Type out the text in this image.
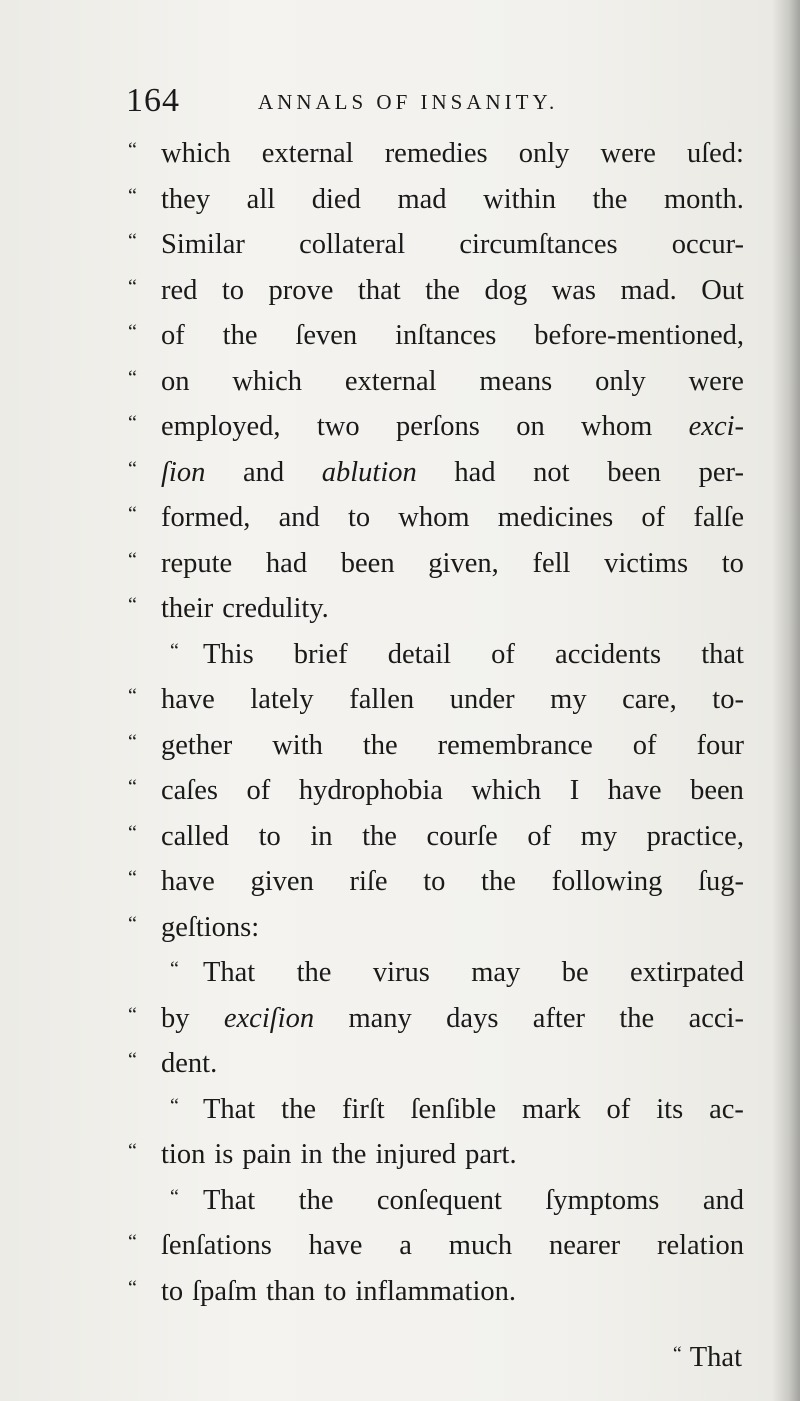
164	ANNALS OF INSANITY.
“ which external remedies only were uſed:
“ they all died mad within the month.
“ Similar collateral circumſtances occur-
“ red to prove that the dog was mad. Out
“ of the ſeven inſtances before-mentioned,
“ on which external means only were
“ employed, two perſons on whom exci-
“ ſion and ablution had not been per-
“ formed, and to whom medicines of falſe
“ repute had been given, fell victims to
“ their credulity.
“ This brief detail of accidents that
“ have lately fallen under my care, to-
“ gether with the remembrance of four
“ caſes of hydrophobia which I have been
“ called to in the courſe of my practice,
“ have given riſe to the following ſug-
“ geſtions:
“ That the virus may be extirpated
“ by exciſion many days after the acci-
“ dent.
“ That the firſt ſenſible mark of its ac-
“ tion is pain in the injured part.
“ That the conſequent ſymptoms and
“ ſenſations have a much nearer relation
“ to ſpaſm than to inflammation.
“ That
